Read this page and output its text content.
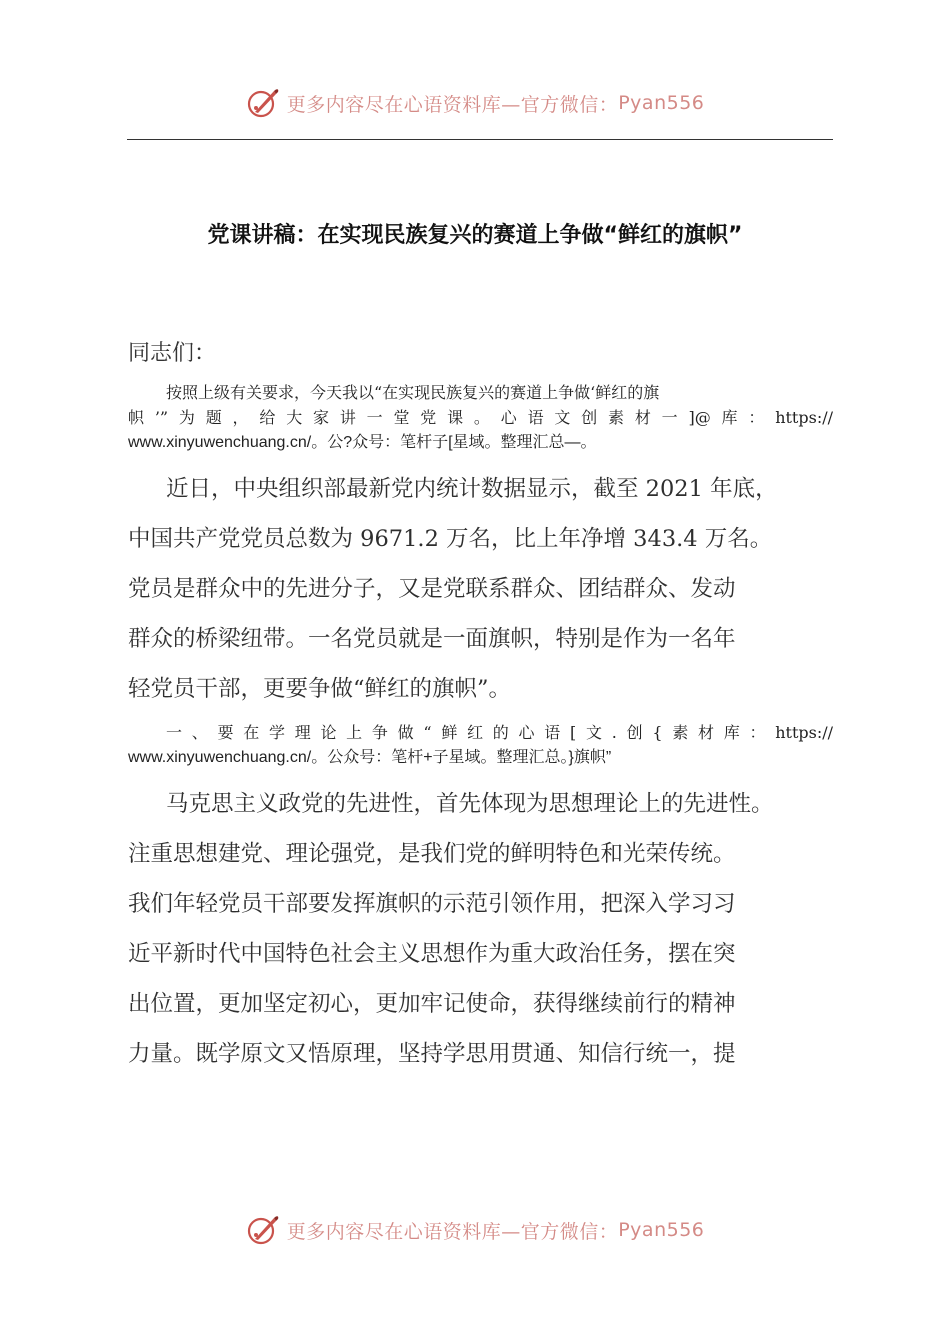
更多内容尽在心语资料库—官方微信：Pyan556
党课讲稿：在实现民族复兴的赛道上争做“鲜红的旗帜”
同志们：
按照上级有关要求，今天我以“在实现民族复兴的赛道上争做‘鲜红的旗
帜’”为题，给大家讲一堂党课。心语文创素材一]@库：https://
www.xinyuwenchuang.cn/。公?众号：笔杆子[星域。整理汇总—。
近日，中央组织部最新党内统计数据显示，截至 2021 年底，
中国共产党党员总数为 9671.2 万名，比上年净增 343.4 万名。
党员是群众中的先进分子，又是党联系群众、团结群众、发动
群众的桥梁纽带。一名党员就是一面旗帜，特别是作为一名年
轻党员干部，更要争做“鲜红的旗帜”。
一、要在学理论上争做“鲜红的心语[文.创{素材库：https://
www.xinyuwenchuang.cn/。公众号：笔杆+子星域。整理汇总。}旗帜”
马克思主义政党的先进性，首先体现为思想理论上的先进性。
注重思想建党、理论强党，是我们党的鲜明特色和光荣传统。
我们年轻党员干部要发挥旗帜的示范引领作用，把深入学习习
近平新时代中国特色社会主义思想作为重大政治任务，摆在突
出位置，更加坚定初心，更加牢记使命，获得继续前行的精神
力量。既学原文又悟原理，坚持学思用贯通、知信行统一，提
更多内容尽在心语资料库—官方微信：Pyan556
